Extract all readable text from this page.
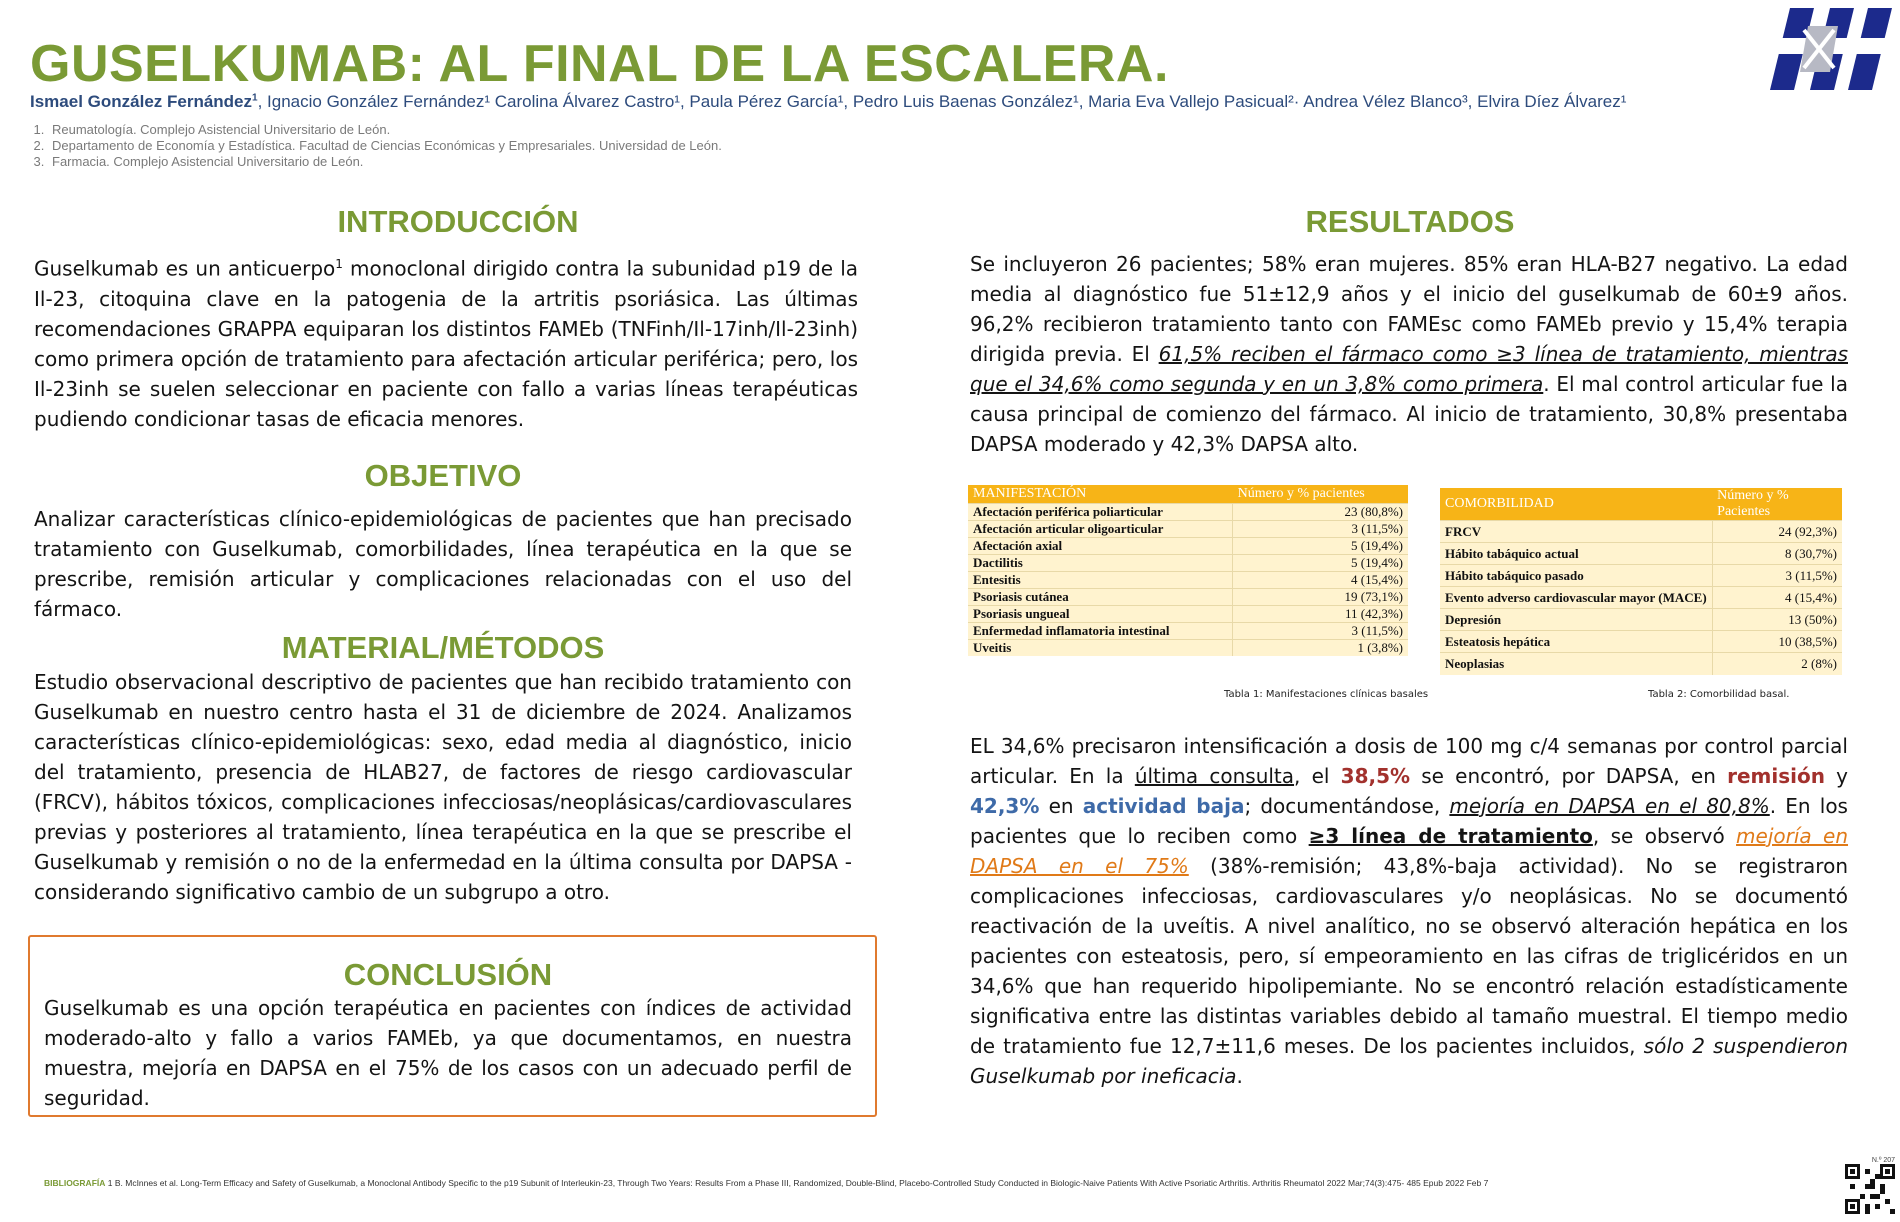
GUSELKUMAB: AL FINAL DE LA ESCALERA.
Ismael González Fernández$^1$, Ignacio González Fernández¹ Carolina Álvarez Castro¹, Paula Pérez García¹, Pedro Luis Baenas González¹, Maria Eva Vallejo Pasicual²· Andrea Vélez Blanco³, Elvira Díez Álvarez¹
1. Reumatología. Complejo Asistencial Universitario de León.
2. Departamento de Economía y Estadística. Facultad de Ciencias Económicas y Empresariales. Universidad de León.
3. Farmacia. Complejo Asistencial Universitario de León.
INTRODUCCIÓN

Guselkumab es un anticuerpo$^1$ monoclonal dirigido contra la subunidad p19 de la Il-23, citoquina clave en la patogenia de la artritis psoriásica. Las últimas recomendaciones GRAPPA equiparan los distintos FAMEb (TNFinh/Il-17inh/Il-23inh) como primera opción de tratamiento para afectación articular periférica; pero, los Il-23inh se suelen seleccionar en paciente con fallo a varias líneas terapéuticas pudiendo condicionar tasas de eficacia menores.

OBJETIVO

Analizar características clínico-epidemiológicas de pacientes que han precisado tratamiento con Guselkumab, comorbilidades, línea terapéutica en la que se prescribe, remisión articular y complicaciones relacionadas con el uso del fármaco.

MATERIAL/MÉTODOS

Estudio observacional descriptivo de pacientes que han recibido tratamiento con Guselkumab en nuestro centro hasta el 31 de diciembre de 2024. Analizamos características clínico-epidemiológicas: sexo, edad media al diagnóstico, inicio del tratamiento, presencia de HLAB27, de factores de riesgo cardiovascular (FRCV), hábitos tóxicos, complicaciones infecciosas/neoplásicas/cardiovasculares previas y posteriores al tratamiento, línea terapéutica en la que se prescribe el Guselkumab y remisión o no de la enfermedad en la última consulta por DAPSA - considerando significativo cambio de un subgrupo a otro.

CONCLUSIÓN

Guselkumab es una opción terapéutica en pacientes con índices de actividad moderado-alto y fallo a varios FAMEb, ya que documentamos, en nuestra muestra, mejoría en DAPSA en el 75% de los casos con un adecuado perfil de seguridad.

RESULTADOS

Se incluyeron 26 pacientes; 58% eran mujeres. 85% eran HLA-B27 negativo. La edad media al diagnóstico fue 51±12,9 años y el inicio del guselkumab de 60±9 años. 96,2% recibieron tratamiento tanto con FAMEsc como FAMEb previo y 15,4% terapia dirigida previa. El 61,5% reciben el fármaco como ≥3 línea de tratamiento, mientras que el 34,6% como segunda y en un 3,8% como primera. El mal control articular fue la causa principal de comienzo del fármaco. Al inicio de tratamiento, 30,8% presentaba DAPSA moderado y 42,3% DAPSA alto.

MANIFESTACIÓN	Número y % pacientes
Afectación periférica poliarticular	23 (80,8%)
Afectación articular oligoarticular	3 (11,5%)
Afectación axial	5 (19,4%)
Dactilitis	5 (19,4%)
Entesitis	4 (15,4%)
Psoriasis cutánea	19 (73,1%)
Psoriasis ungueal	11 (42,3%)
Enfermedad inflamatoria intestinal	3 (11,5%)
Uveitis	1 (3,8%)
Tabla 1: Manifestaciones clínicas basales
COMORBILIDAD	Número y % Pacientes
FRCV	24 (92,3%)
Hábito tabáquico actual	8 (30,7%)
Hábito tabáquico pasado	3 (11,5%)
Evento adverso cardiovascular mayor (MACE)	4 (15,4%)
Depresión	13 (50%)
Esteatosis hepática	10 (38,5%)
Neoplasias	2 (8%)
Tabla 2: Comorbilidad basal.

EL 34,6% precisaron intensificación a dosis de 100 mg c/4 semanas por control parcial articular. En la última consulta, el 38,5% se encontró, por DAPSA, en remisión y 42,3% en actividad baja; documentándose, mejoría en DAPSA en el 80,8%. En los pacientes que lo reciben como ≥3 línea de tratamiento, se observó mejoría en DAPSA en el 75% (38%-remisión; 43,8%-baja actividad). No se registraron complicaciones infecciosas, cardiovasculares y/o neoplásicas. No se documentó reactivación de la uveítis. A nivel analítico, no se observó alteración hepática en los pacientes con esteatosis, pero, sí empeoramiento en las cifras de triglicéridos en un 34,6% que han requerido hipolipemiante. No se encontró relación estadísticamente significativa entre las distintas variables debido al tamaño muestral. El tiempo medio de tratamiento fue 12,7±11,6 meses. De los pacientes incluidos, sólo 2 suspendieron Guselkumab por ineficacia.

BIBLIOGRAFÍA 1 B. McInnes et al. Long-Term Efficacy and Safety of Guselkumab, a Monoclonal Antibody Specific to the p19 Subunit of Interleukin-23, Through Two Years: Results From a Phase III, Randomized, Double-Blind, Placebo-Controlled Study Conducted in Biologic-Naive Patients With Active Psoriatic Arthritis. Arthritis Rheumatol 2022 Mar;74(3):475- 485 Epub 2022 Feb 7
N.º 207
